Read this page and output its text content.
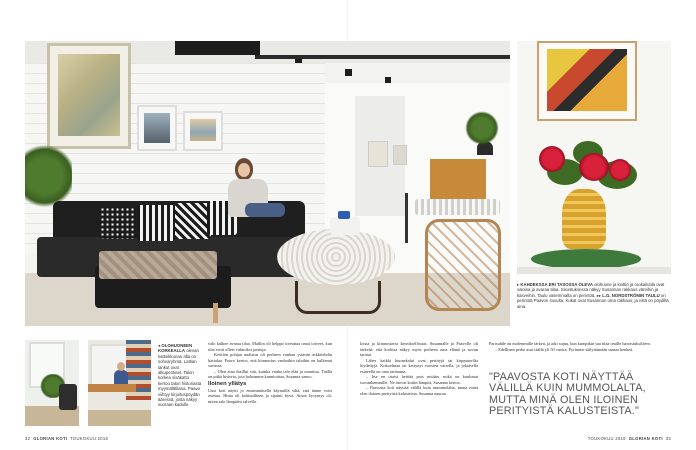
▸ KAHDEKSSA ERI TASOSSA OLEVA olohuone ja keittiö ja ruokailutila ovat valoisa ja avaraa tilaa. Sisustuksessa näkyy Susannan rakkaus väreihin ja kasveihin. Taulu vasemmalla on perintöä. ▸▸ L.G. NORDSTRÖMIN TAULU on perintöä Paavon suvulta. Kukat ovat Susannan oma rakkaus, ja niitä on pöydillä aina.
◂ OLOHUONEEN KORKEALLA olevan kattoikkunan alla on sohvaryhmä. Lattian lankut ovat alkuperäiset. Talon korkea sisäkatto kertoo talon historiasta myymälätilana. Paavo viihtyy kirjoituspöydän ääressä, josta näkyy suoraan kadulle.

valo kulkee avaraa tilaa. Malliin oli helppo toteuttaa omat toiveet, kun tilat eivät olleet valmiiksi jaettuja.

Keittiön pohjan uudistus oli perheen vanhan ystävän arkkitehdin käsialaa. Paavo kertoo, että kiinnostus vanhoihin taloihin on kulkenut suvussa.

– Olen aina ihaillut sitä, kuinka vanha talo elää ja muuttuu. Täällä on pitkä historia, jota haluamme kunnioittaa, Susanna sanoo.

Iloinen yllätys

Uusi koti näytti jo ensimmäisellä käynnillä siltä, että tänne voisi asettua. Hinta oli kohtuullinen ja sijainti hyvä. Ainoa kysymys oli, miten talo lämpiäisi talvella.

loisia ja kiinnostavia kerroksellisuus. Susannalle ja Paavolle oli tärkeää, että kodissa näkyy myös perheen oma elämä ja suvun tarinat.

Lähes kaikki huonekalut ovat perittyjä tai kirpputorilta löydettyjä. Kokoelmaa on kertynyt vuosien varrella, ja jokaisella esineellä on oma tarinansa.

– Itse en osaisi heittää pois mitään, mikä on kuulunut isovanhemmille. Ne tuovat kotiin lämpöä, Susanna kertoo.

– Paavosta koti näyttää välillä kuin mummolalta, mutta minä olen iloinen perityistä kalusteista, Susanna nauraa.

Parisuhde on molemmille tärkeä, ja arki sujuu, kun kumpikin saa tilaa omille harrastuksilleen.

– Edellinen perhe asui täällä yli 50 vuotta. Pyrimme säilyttämään samaa henkeä.

"PAAVOSTA KOTI NÄYTTÄÄ VÄLILLÄ KUIN MUMMOLALTA, MUTTA MINÄ OLEN ILOINEN PERITYISTÄ KALUSTEISTA."
32 GLORIAN KOTI TOUKOKUU 2016	TOUKOKUU 2016 GLORIAN KOTI 33
